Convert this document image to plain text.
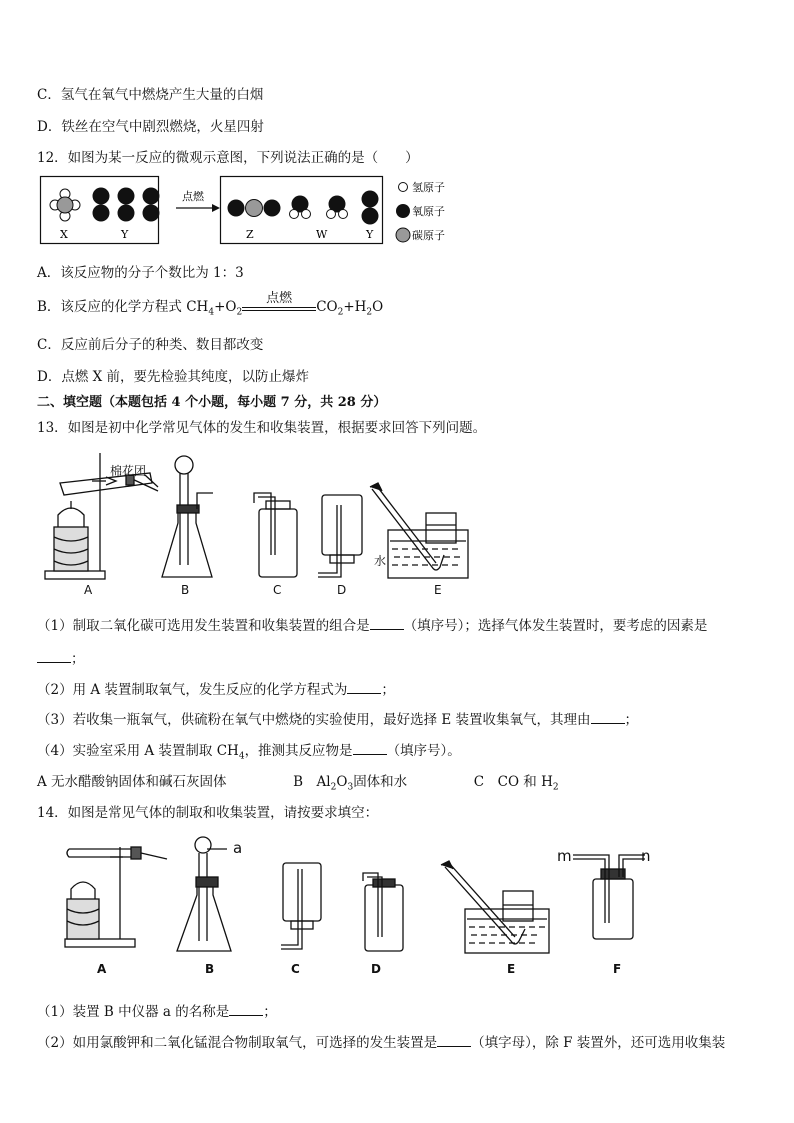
C．氢气在氧气中燃烧产生大量的白烟
D．铁丝在空气中剧烈燃烧，火星四射
12．如图为某一反应的微观示意图，下列说法正确的是（　　）
X	Y
点燃
Z	W	Y
氢原子
氧原子
碳原子
A．该反应物的分子个数比为 1：3
B．该反应的化学方程式 $CH_4+O_2$
点燃
$CO_2+H_2O$
C．反应前后分子的种类、数目都改变
D．点燃 X 前，要先检验其纯度，以防止爆炸
二、填空题（本题包括 4 个小题，每小题 7 分，共 28 分）
13．如图是初中化学常见气体的发生和收集装置，根据要求回答下列问题。
棉花团
水
A	B	C	D	E
（1）制取二氧化碳可选用发生装置和收集装置的组合是	（填序号）；选择气体发生装置时，要考虑的因素是
；
（2）用 A 装置制取氧气，发生反应的化学方程式为	；
（3）若收集一瓶氧气，供硫粉在氧气中燃烧的实验使用，最好选择 E 装置收集氧气，其理由	；
（4）实验室采用 A 装置制取 $CH_4$，推测其反应物是	（填序号）。
A 无水醋酸钠固体和碱石灰固体	B　$Al_2O_3$固体和水	C　CO 和 $H_2$
14．如图是常见气体的制取和收集装置，请按要求填空：
a	m	n
A	B	C	D	E	F
（1）装置 B 中仪器 a 的名称是	；
（2）如用氯酸钾和二氧化锰混合物制取氧气，可选择的发生装置是	（填字母），除 F 装置外，还可选用收集装
